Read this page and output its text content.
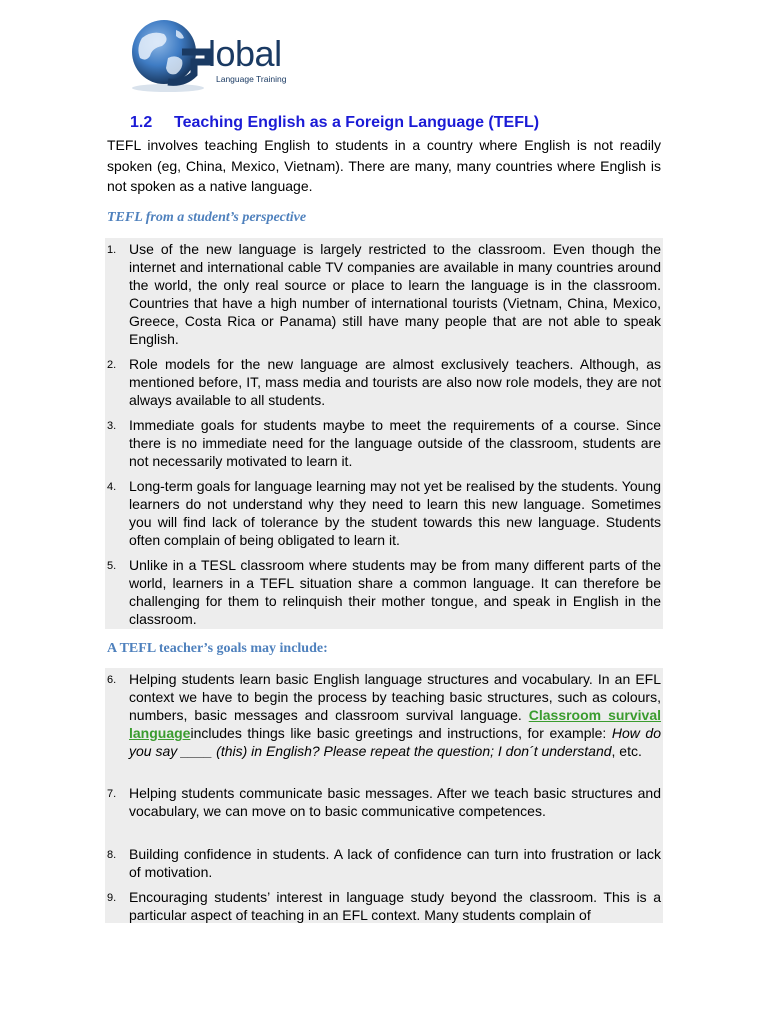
lobal
Language Training
1.2 Teaching English as a Foreign Language (TEFL)

TEFL involves teaching English to students in a country where English is not readily spoken (eg, China, Mexico, Vietnam). There are many, many countries where English is not spoken as a native language.

TEFL from a student’s perspective
1. Use of the new language is largely restricted to the classroom. Even though the internet and international cable TV companies are available in many countries around the world, the only real source or place to learn the language is in the classroom. Countries that have a high number of international tourists (Vietnam, China, Mexico, Greece, Costa Rica or Panama) still have many people that are not able to speak English.
2. Role models for the new language are almost exclusively teachers. Although, as mentioned before, IT, mass media and tourists are also now role models, they are not always available to all students.
3. Immediate goals for students maybe to meet the requirements of a course. Since there is no immediate need for the language outside of the classroom, students are not necessarily motivated to learn it.
4. Long-term goals for language learning may not yet be realised by the students. Young learners do not understand why they need to learn this new language. Sometimes you will find lack of tolerance by the student towards this new language. Students often complain of being obligated to learn it.
5. Unlike in a TESL classroom where students may be from many different parts of the world, learners in a TEFL situation share a common language. It can therefore be challenging for them to relinquish their mother tongue, and speak in English in the classroom.
A TEFL teacher’s goals may include:
6. Helping students learn basic English language structures and vocabulary. In an EFL context we have to begin the process by teaching basic structures, such as colours, numbers, basic messages and classroom survival language. Classroom survival languageincludes things like basic greetings and instructions, for example: How do you say ____ (this) in English? Please repeat the question; I don´t understand, etc.
7. Helping students communicate basic messages. After we teach basic structures and vocabulary, we can move on to basic communicative competences.
8. Building confidence in students. A lack of confidence can turn into frustration or lack of motivation.
9. Encouraging students’ interest in language study beyond the classroom. This is a particular aspect of teaching in an EFL context. Many students complain of
